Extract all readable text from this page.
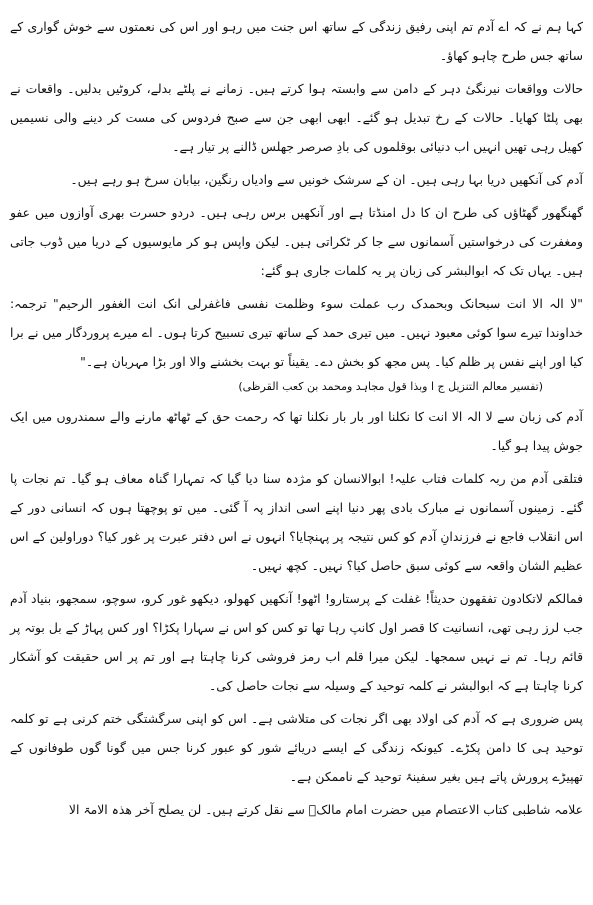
کہا ہم نے کہ اے آدم تم اپنی رفیق زندگی کے ساتھ اس جنت میں رہو اور اس کی نعمتوں سے خوش گواری کے ساتھ جس طرح چاہو کھاؤ۔

حالات وواقعات نیرنگیٔ دہر کے دامن سے وابستہ ہوا کرتے ہیں۔ زمانے نے پلٹے بدلے، کروٹیں بدلیں۔ واقعات نے بھی پلٹا کھایا۔ حالات کے رخ تبدیل ہو گئے۔ ابھی ابھی جن سے صبح فردوس کی مست کر دینے والی نسیمیں کھیل رہی تھیں انہیں اب دنیائی بوقلموں کی بادِ صرصر جھلس ڈالنے پر تیار ہے۔

آدم کی آنکھیں دریا بہا رہی ہیں۔ ان کے سرشک خونیں سے وادیاں رنگین، بیابان سرخ ہو رہے ہیں۔

گھنگھور گھٹاؤں کی طرح ان کا دل امنڈتا ہے اور آنکھیں برس رہی ہیں۔ دردو حسرت بھری آوازوں میں عفو ومغفرت کی درخواستیں آسمانوں سے جا کر ٹکراتی ہیں۔ لیکن واپس ہو کر مایوسیوں کے دریا میں ڈوب جاتی ہیں۔ یہاں تک کہ ابوالبشر کی زبان پر یہ کلمات جاری ہو گئے:

"لا الہ الا انت سبحانک وبحمدک رب عملت سوء وظلمت نفسی فاغفرلی انک انت الغفور الرحیم" ترجمہ: خداوندا تیرے سوا کوئی معبود نہیں۔ میں تیری حمد کے ساتھ تیری تسبیح کرتا ہوں۔ اے میرے پروردگار میں نے برا کیا اور اپنے نفس پر ظلم کیا۔ پس مجھ کو بخش دے۔ یقیناً تو بہت بخشنے والا اور بڑا مہربان ہے۔"

(تفسیر معالم التنزیل ج ا وبذا قول مجاہد ومحمد بن کعب القرظی)

آدم کی زبان سے لا الہ الا انت کا نکلنا اور بار بار نکلنا تھا کہ رحمت حق کے ٹھاٹھ مارنے والے سمندروں میں ایک جوش پیدا ہو گیا۔

فتلقی آدم من ربہ کلمات فتاب علیہ! ابوالانسان کو مژدہ سنا دیا گیا کہ تمہارا گناہ معاف ہو گیا۔ تم نجات پا گئے۔ زمینوں آسمانوں نے مبارک بادی پھر دنیا اپنے اسی انداز پہ آ گئی۔ میں تو پوچھتا ہوں کہ انسانی دور کے اس انقلاب فاجع نے فرزندانِ آدم کو کس نتیجہ پر پہنچایا؟ انہوں نے اس دفتر عبرت پر غور کیا؟ دوراولین کے اس عظیم الشان واقعہ سے کوئی سبق حاصل کیا؟ نہیں۔ کچھ نہیں۔

فمالکم لاتکادون تفقھون حدیثاً! غفلت کے پرستارو! اٹھو! آنکھیں کھولو، دیکھو غور کرو، سوچو، سمجھو، بنیاد آدم جب لرز رہی تھی، انسانیت کا قصر اول کانپ رہا تھا تو کس کو اس نے سہارا پکڑا؟ اور کس پہاڑ کے بل بوتہ پر قائم رہا۔ تم نے نہیں سمجھا۔ لیکن میرا قلم اب رمز فروشی کرنا چاہتا ہے اور تم پر اس حقیقت کو آشکار کرنا چاہتا ہے کہ ابوالبشر نے کلمہ توحید کے وسیلہ سے نجات حاصل کی۔

پس ضروری ہے کہ آدم کی اولاد بھی اگر نجات کی متلاشی ہے۔ اس کو اپنی سرگشتگی ختم کرنی ہے تو کلمہ توحید ہی کا دامن پکڑے۔ کیونکہ زندگی کے ایسے دریائے شور کو عبور کرنا جس میں گونا گوں طوفانوں کے تھپیڑے پرورش پاتے ہیں بغیر سفینۂ توحید کے ناممکن ہے۔

علامہ شاطبی کتاب الاعتصام میں حضرت امام مالکؒ سے نقل کرتے ہیں۔ لن یصلح آخر ھذہ الامۃ الا
